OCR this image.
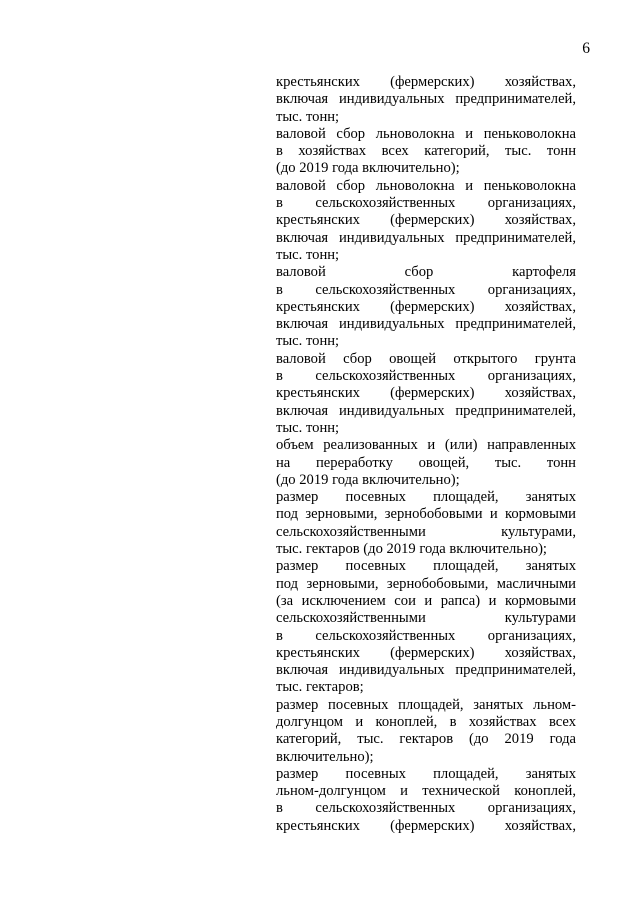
6
крестьянских (фермерских) хозяйствах,
включая индивидуальных предпринимателей,
тыс. тонн;
валовой сбор льноволокна и пеньковолокна
в хозяйствах всех категорий, тыс. тонн
(до 2019 года включительно);
валовой сбор льноволокна и пеньковолокна
в сельскохозяйственных организациях,
крестьянских (фермерских) хозяйствах,
включая индивидуальных предпринимателей,
тыс. тонн;
валовой сбор картофеля
в сельскохозяйственных организациях,
крестьянских (фермерских) хозяйствах,
включая индивидуальных предпринимателей,
тыс. тонн;
валовой сбор овощей открытого грунта
в сельскохозяйственных организациях,
крестьянских (фермерских) хозяйствах,
включая индивидуальных предпринимателей,
тыс. тонн;
объем реализованных и (или) направленных
на переработку овощей, тыс. тонн
(до 2019 года включительно);
размер посевных площадей, занятых
под зерновыми, зернобобовыми и кормовыми
сельскохозяйственными культурами,
тыс. гектаров (до 2019 года включительно);
размер посевных площадей, занятых
под зерновыми, зернобобовыми, масличными
(за исключением сои и рапса) и кормовыми
сельскохозяйственными культурами
в сельскохозяйственных организациях,
крестьянских (фермерских) хозяйствах,
включая индивидуальных предпринимателей,
тыс. гектаров;
размер посевных площадей, занятых льном-
долгунцом и коноплей, в хозяйствах всех
категорий, тыс. гектаров (до 2019 года
включительно);
размер посевных площадей, занятых
льном-долгунцом и технической коноплей,
в сельскохозяйственных организациях,
крестьянских (фермерских) хозяйствах,
